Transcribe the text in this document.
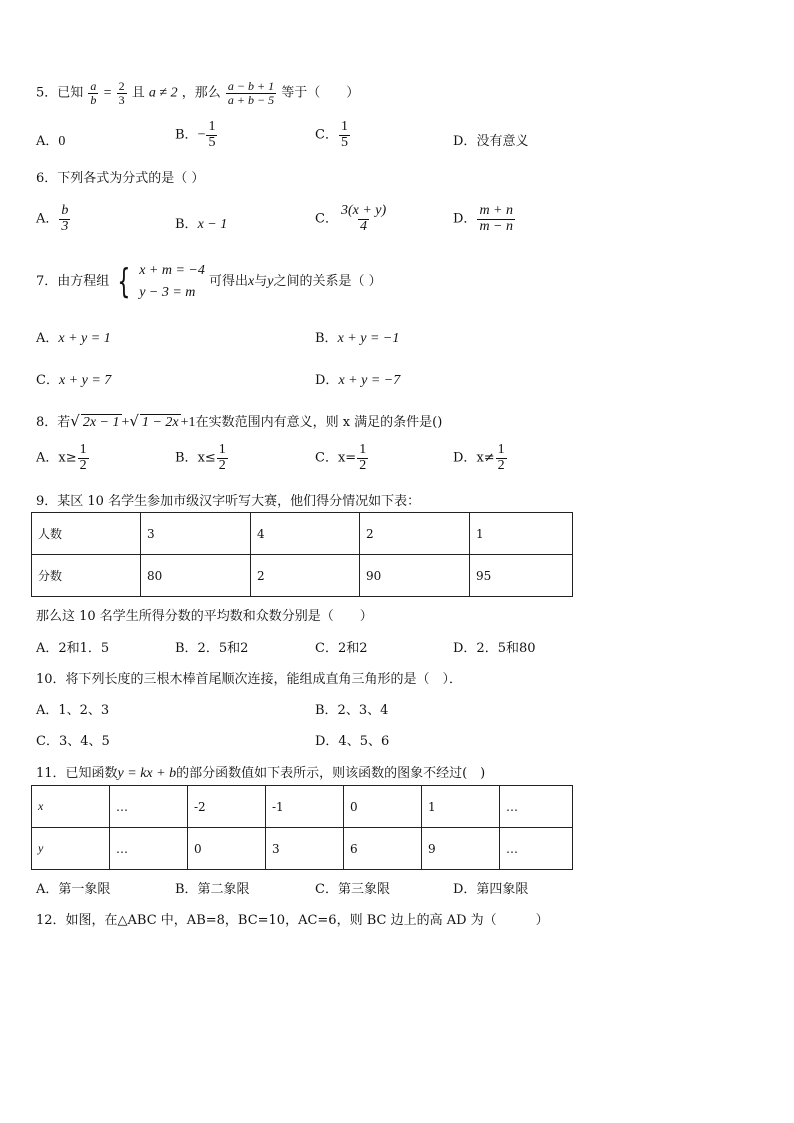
5．已知 $\frac{a}{b} = \frac{2}{3}$ 且 a ≠ 2 ，那么 $\frac{a - b + 1}{a + b - 5}$ 等于（　　）
A．0	B．− $\frac{1}{5}$	C． $\frac{1}{5}$	D．没有意义
6．下列各式为分式的是（ ）
A． $\frac{b}{3}$	B．x − 1	C． $\frac{3(x + y)}{4}$	D． $\frac{m + n}{m - n}$
7．由方程组 { x + m = −4
y − 3 = m
可得出x与y之间的关系是（ ）
A．x + y = 1	B．x + y = −1
C．x + y = 7	D．x + y = −7
8．若√ 2x − 1 +√ 1 − 2x +1在实数范围内有意义，则 x 满足的条件是()
A．$x\ge \frac{1}{2}$	B．$x\le \frac{1}{2}$	C．$x= \frac{1}{2}$	D．$x\ne \frac{1}{2}$
9．某区 10 名学生参加市级汉字听写大赛，他们得分情况如下表：
人数	3	4	2	1
分数	80	2	90	95
那么这 10 名学生所得分数的平均数和众数分别是（　　）
A．2和1．5	B．2．5和2	C．2和2	D．2．5和80
10．将下列长度的三根木棒首尾顺次连接，能组成直角三角形的是（　）．
A．1、2、3	B．2、3、4
C．3、4、5	D．4、5、6
11．已知函数y = kx + b的部分函数值如下表所示，则该函数的图象不经过(　)
x	…	-2	-1	0	1	…
y	…	0	3	6	9	…
A．第一象限	B．第二象限	C．第三象限	D．第四象限
12．如图，在△ABC 中，AB=8，BC=10，AC=6，则 BC 边上的高 AD 为（　　　）
